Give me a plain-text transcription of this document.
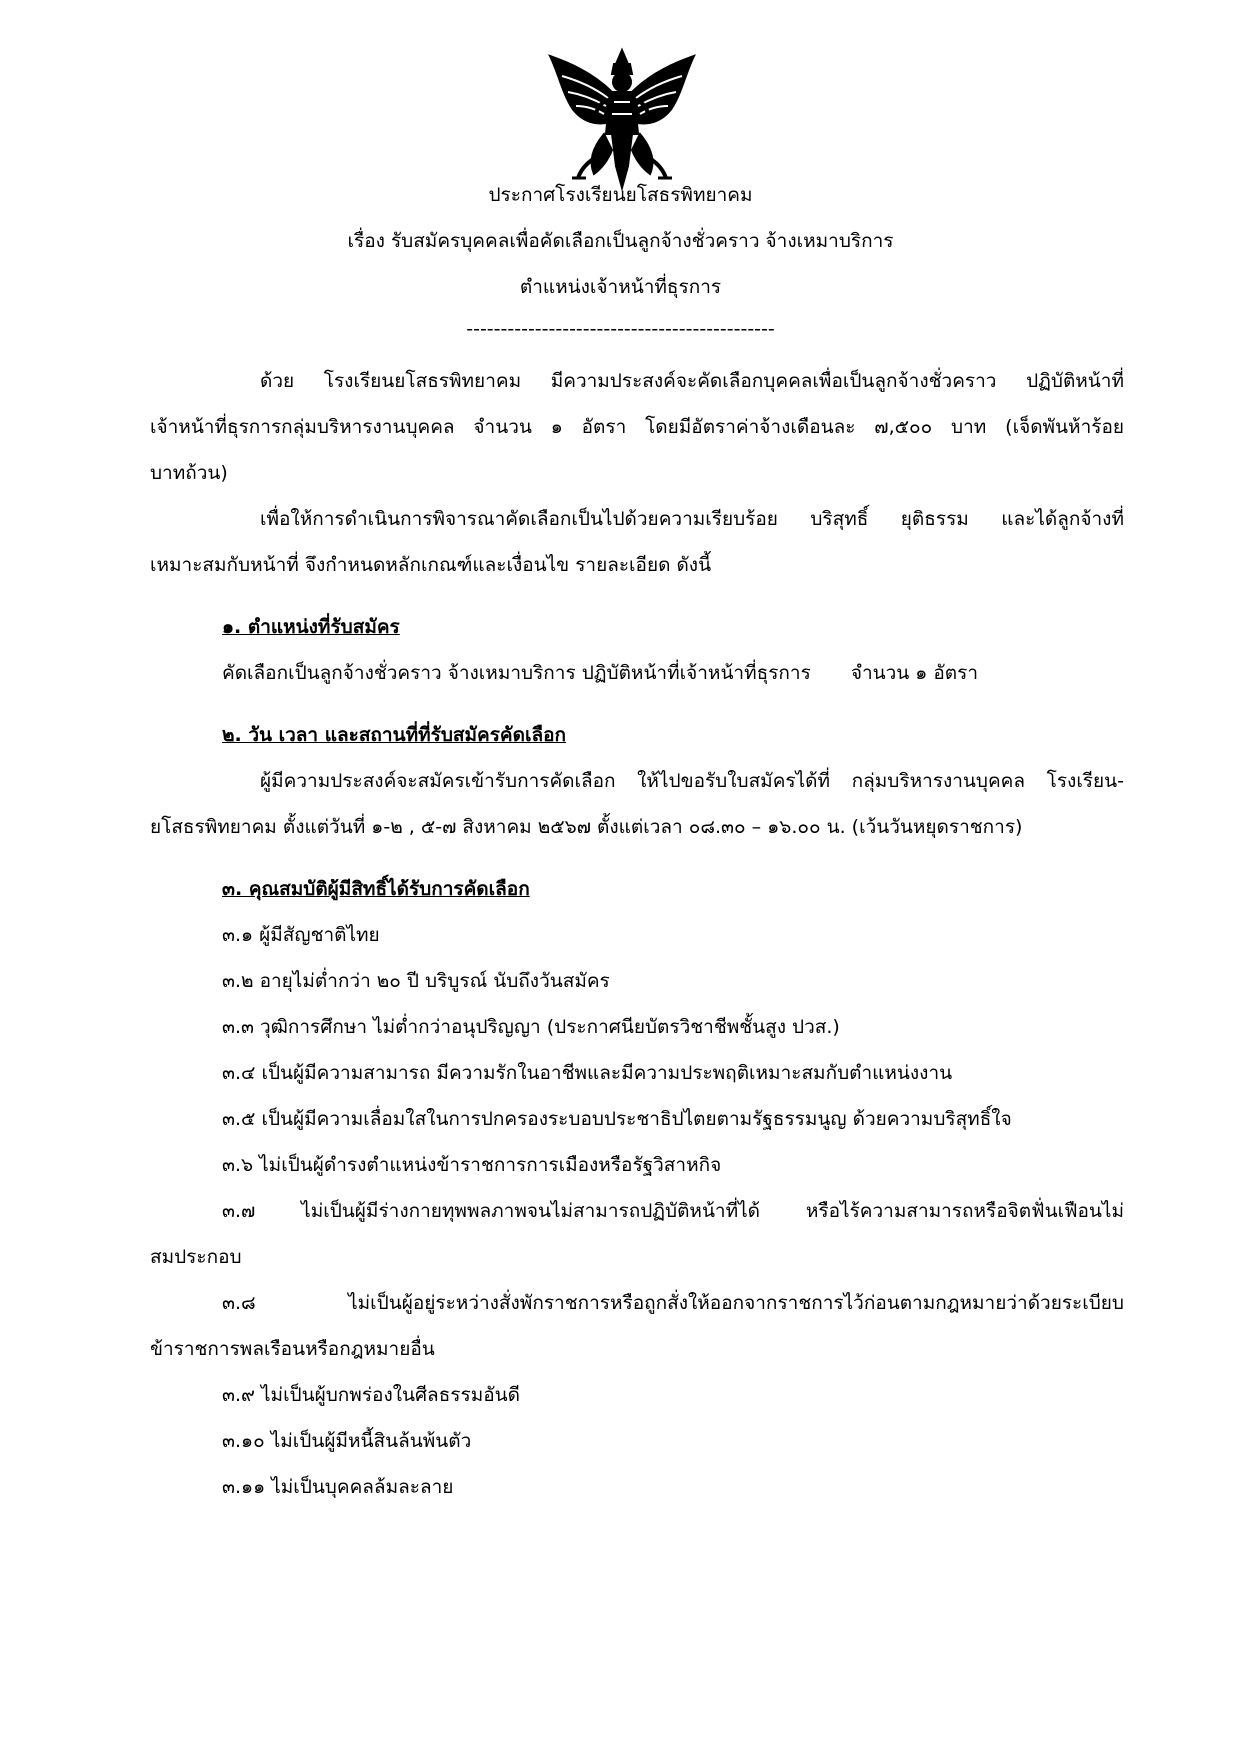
ประกาศโรงเรียนยโสธรพิทยาคม
เรื่อง รับสมัครบุคคลเพื่อคัดเลือกเป็นลูกจ้างชั่วคราว จ้างเหมาบริการ
ตำแหน่งเจ้าหน้าที่ธุรการ
---------------------------------------------
ด้วย โรงเรียนยโสธรพิทยาคม มีความประสงค์จะคัดเลือกบุคคลเพื่อเป็นลูกจ้างชั่วคราว ปฏิบัติหน้าที่
เจ้าหน้าที่ธุรการกลุ่มบริหารงานบุคคล จำนวน ๑ อัตรา โดยมีอัตราค่าจ้างเดือนละ ๗,๕๐๐ บาท (เจ็ดพันห้าร้อย
บาทถ้วน)
เพื่อให้การดำเนินการพิจารณาคัดเลือกเป็นไปด้วยความเรียบร้อย บริสุทธิ์ ยุติธรรม และได้ลูกจ้างที่
เหมาะสมกับหน้าที่ จึงกำหนดหลักเกณฑ์และเงื่อนไข รายละเอียด ดังนี้
๑. ตำแหน่งที่รับสมัคร
คัดเลือกเป็นลูกจ้างชั่วคราว จ้างเหมาบริการ ปฏิบัติหน้าที่เจ้าหน้าที่ธุรการ จำนวน ๑ อัตรา
๒. วัน เวลา และสถานที่ที่รับสมัครคัดเลือก
ผู้มีความประสงค์จะสมัครเข้ารับการคัดเลือก ให้ไปขอรับใบสมัครได้ที่ กลุ่มบริหารงานบุคคล โรงเรียน-
ยโสธรพิทยาคม ตั้งแต่วันที่ ๑-๒ , ๕-๗ สิงหาคม ๒๕๖๗ ตั้งแต่เวลา ๐๘.๓๐ – ๑๖.๐๐ น. (เว้นวันหยุดราชการ)
๓. คุณสมบัติผู้มีสิทธิ์ได้รับการคัดเลือก
๓.๑ ผู้มีสัญชาติไทย
๓.๒ อายุไม่ต่ำกว่า ๒๐ ปี บริบูรณ์ นับถึงวันสมัคร
๓.๓ วุฒิการศึกษา ไม่ต่ำกว่าอนุปริญญา (ประกาศนียบัตรวิชาชีพชั้นสูง ปวส.)
๓.๔ เป็นผู้มีความสามารถ มีความรักในอาชีพและมีความประพฤติเหมาะสมกับตำแหน่งงาน
๓.๕ เป็นผู้มีความเลื่อมใสในการปกครองระบอบประชาธิปไตยตามรัฐธรรมนูญ ด้วยความบริสุทธิ์ใจ
๓.๖ ไม่เป็นผู้ดำรงตำแหน่งข้าราชการการเมืองหรือรัฐวิสาหกิจ
๓.๗ ไม่เป็นผู้มีร่างกายทุพพลภาพจนไม่สามารถปฏิบัติหน้าที่ได้ หรือไร้ความสามารถหรือจิตฟั่นเฟือนไม่
สมประกอบ
๓.๘ ไม่เป็นผู้อยู่ระหว่างสั่งพักราชการหรือถูกสั่งให้ออกจากราชการไว้ก่อนตามกฎหมายว่าด้วยระเบียบ
ข้าราชการพลเรือนหรือกฎหมายอื่น
๓.๙ ไม่เป็นผู้บกพร่องในศีลธรรมอันดี
๓.๑๐ ไม่เป็นผู้มีหนี้สินล้นพ้นตัว
๓.๑๑ ไม่เป็นบุคคลล้มละลาย
